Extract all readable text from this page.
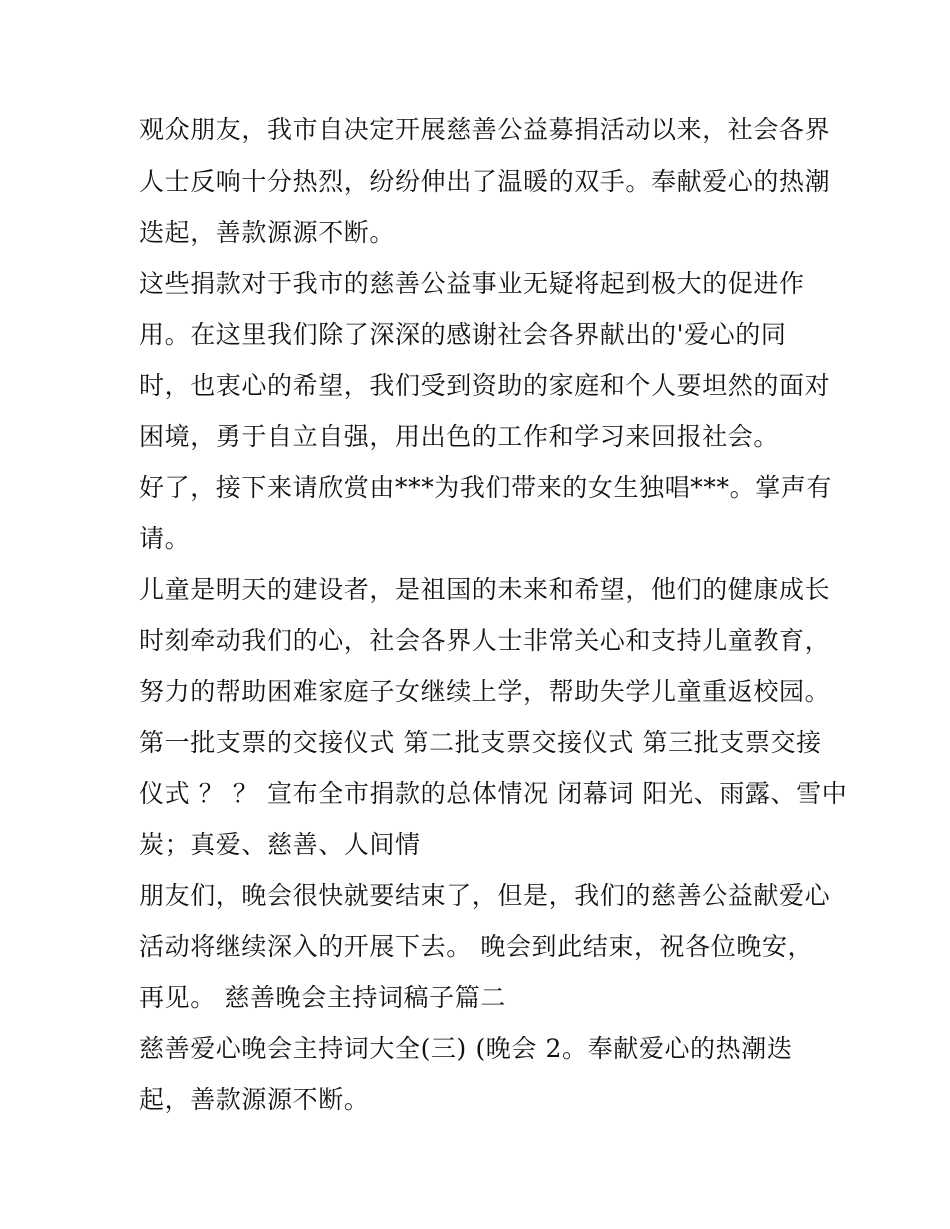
观众朋友，我市自决定开展慈善公益募捐活动以来，社会各界
人士反响十分热烈，纷纷伸出了温暖的双手。奉献爱心的热潮
迭起，善款源源不断。
这些捐款对于我市的慈善公益事业无疑将起到极大的促进作
用。在这里我们除了深深的感谢社会各界献出的'爱心的同
时，也衷心的希望，我们受到资助的家庭和个人要坦然的面对
困境，勇于自立自强，用出色的工作和学习来回报社会。
好了，接下来请欣赏由***为我们带来的女生独唱***。掌声有
请。
儿童是明天的建设者，是祖国的未来和希望，他们的健康成长
时刻牵动我们的心，社会各界人士非常关心和支持儿童教育，
努力的帮助困难家庭子女继续上学，帮助失学儿童重返校园。
第一批支票的交接仪式 第二批支票交接仪式 第三批支票交接
仪式 ？ ？ 宣布全市捐款的总体情况 闭幕词 阳光、雨露、雪中
炭；真爱、慈善、人间情
朋友们，晚会很快就要结束了，但是，我们的慈善公益献爱心
活动将继续深入的开展下去。 晚会到此结束，祝各位晚安，
再见。 慈善晚会主持词稿子篇二
慈善爱心晚会主持词大全(三) (晚会 2。奉献爱心的热潮迭
起，善款源源不断。
